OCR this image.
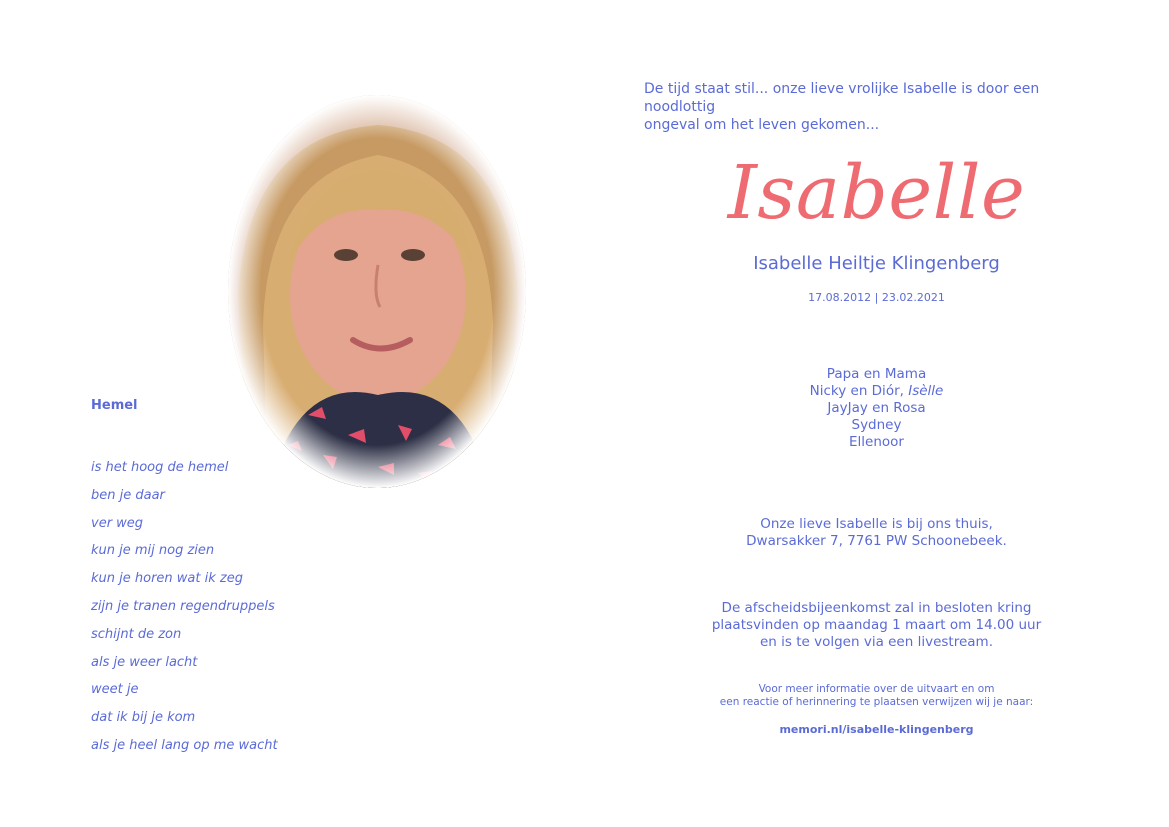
Hemel
is het hoog de hemel
ben je daar
ver weg
kun je mij nog zien
kun je horen wat ik zeg
zijn je tranen regendruppels
schijnt de zon
als je weer lacht
weet je
dat ik bij je kom
als je heel lang op me wacht
De tijd staat stil... onze lieve vrolijke Isabelle is door een noodlottig
ongeval om het leven gekomen...
Isabelle
Isabelle Heiltje Klingenberg
17.08.2012 | 23.02.2021
Papa en Mama
Nicky en Diór, Isèlle
JayJay en Rosa
Sydney
Ellenoor
Onze lieve Isabelle is bij ons thuis,
Dwarsakker 7, 7761 PW Schoonebeek.
De afscheidsbijeenkomst zal in besloten kring
plaatsvinden op maandag 1 maart om 14.00 uur
en is te volgen via een livestream.
Voor meer informatie over de uitvaart en om
een reactie of herinnering te plaatsen verwijzen wij je naar:
memori.nl/isabelle-klingenberg
